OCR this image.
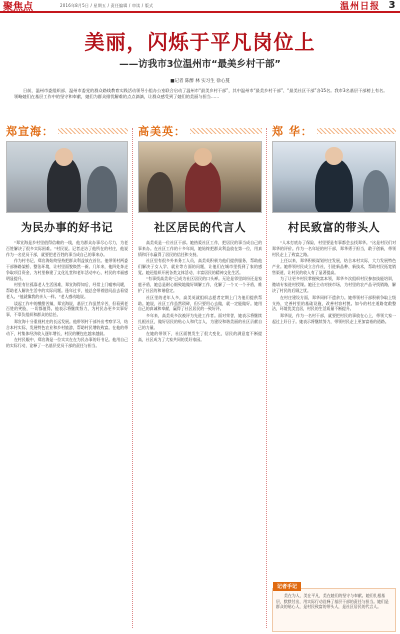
聚焦点	2016年8月5日 / 星期五 / 责任编辑 / 审读 / 版式	温州日报 3
美丽，闪烁于平凡岗位上
——访我市3位温州市“最美乡村干部”
■记者 陈醉 林 实习生 徐心蔓
日前，温州市委组织部、温州市委党的群众路线教育实践活动领导小组办公室联合启动了温州市“最美乡村干部”，其中温州市“最美乡村干部”、“最美社区干部”各15名。我市3名基层干部榜上有名。领略她们在基层工作中的坚守和奉献，她们为群众排忧解难的点点滴滴，让群众感受到了她们的美丽与担当……
郑宣海：
为民办事的好书记

“郑宣海是乡村里值得信赖的一线，他为群众办事尽心尽力，为老百姓解决了很多实际困难。”村民说。记者走访了他所在的村庄，他说作为一名党员干部，就要把老百姓的事当成自己的事来办。

作为村书记，郑宣海始终坚持把群众利益放在首位。他带领村两委干部修路架桥、整治环境，让村里面貌焕然一新。几年来，他四处奔走争取项目资金，为村里修建了文化礼堂和老年活动中心，村民的幸福感明显提升。

村里有位孤寡老人生活困难，郑宣海得知后，经常上门嘘寒问暖，帮助老人解决生活中的实际问题。逢年过节，他总会带着慰问品去看望老人。“他就像我的亲人一样。”老人感动地说。

谈起工作中的酸甜苦辣，郑宣海说，基层工作虽然辛苦，但看到老百姓的笑脸，一切都值得。他表示将继续努力，为村民办更多实事好事，不辜负组织和群众的信任。

郑宣海十分重视村庄的长远发展。他带领村干部外出考察学习，结合本村实际，发展特色农业和乡村旅游，帮助村民增收致富。在他的带动下，村集体经济收入逐年增长，村民的腰包也越来越鼓。

在村民眼中，郑宣海是一位实实在在为民办事的好书记。他用自己的实际行动，诠释了一名基层党员干部的责任与担当。

高美英：
社区居民的代言人

高美英是一位社区干部。她热爱社区工作，把居民的事当成自己的事来办。在社区工作的十多年间，她始终把群众利益放在第一位，用真情和汗水赢得了居民的信任和支持。

社区里有很多外来务工人员，高美英积极为他们提供服务，帮助他们解决子女入学、就业等方面的问题，让他们在城市里找到了家的感觉。她还组织开展各类文体活动，丰富居民的精神文化生活。

“有事找高美英”已成为社区居民的口头禅。无论是邻里纠纷还是家庭矛盾，她总是耐心细致地做好调解工作，化解了一个又一个矛盾，维护了社区的和谐稳定。

社区里的老年人多，高美英就组织志愿者定期上门为他们提供帮助。她说，社区工作虽然琐碎，但只要用心去做，就一定能做好。她用自己的真诚和奉献，赢得了社区居民的一致好评。

多年来，高美英多次被评为先进工作者。面对荣誉，她表示将继续扎根社区，做好居民的贴心人和代言人，为建设和谐美丽的社区贡献自己的力量。

在她的带领下，社区面貌发生了很大变化，居民的满意度不断提高，社区成为了大家共同的美好家园。

郑 华：
村民致富的带头人

“人本打底办了保险，村里要是有事都会去找郑华。”这是村民们对郑华的评价。作为一名年轻的村干部，郑华勇于担当，敢于创新，带领村民走上了致富之路。

上任以来，郑华积极谋划村庄发展，结合本村实际，大力发展特色产业。她带领村民成立合作社，引进新品种、新技术，帮助村民拓宽销售渠道，让村民的收入有了显著提高。

为了让更多村民掌握致富本领，郑华多次组织村民参加技能培训，邀请专家进村授课。她还主动对接市场，为村里的农产品寻找销路，解决了村民的后顾之忧。

在村庄建设方面，郑华同样不遗余力。她带领村干部积极争取上级支持，完善村里的基础设施，改善村容村貌。如今的村庄道路宽敞整洁，环境优美宜居，村民的生活质量不断提升。

郑华说，作为一名村干部，就要把村民的事放在心上，带领大家一起过上好日子。她表示将继续努力，带领村民走上更加富裕的道路。

记者手记
美在为人，美在平凡，美在她们的坚守与奉献。她们扎根基层，默默付出，用实际行动诠释了基层干部的责任与担当。她们是群众的贴心人，是村民致富的带头人，是社区居民的代言人。
